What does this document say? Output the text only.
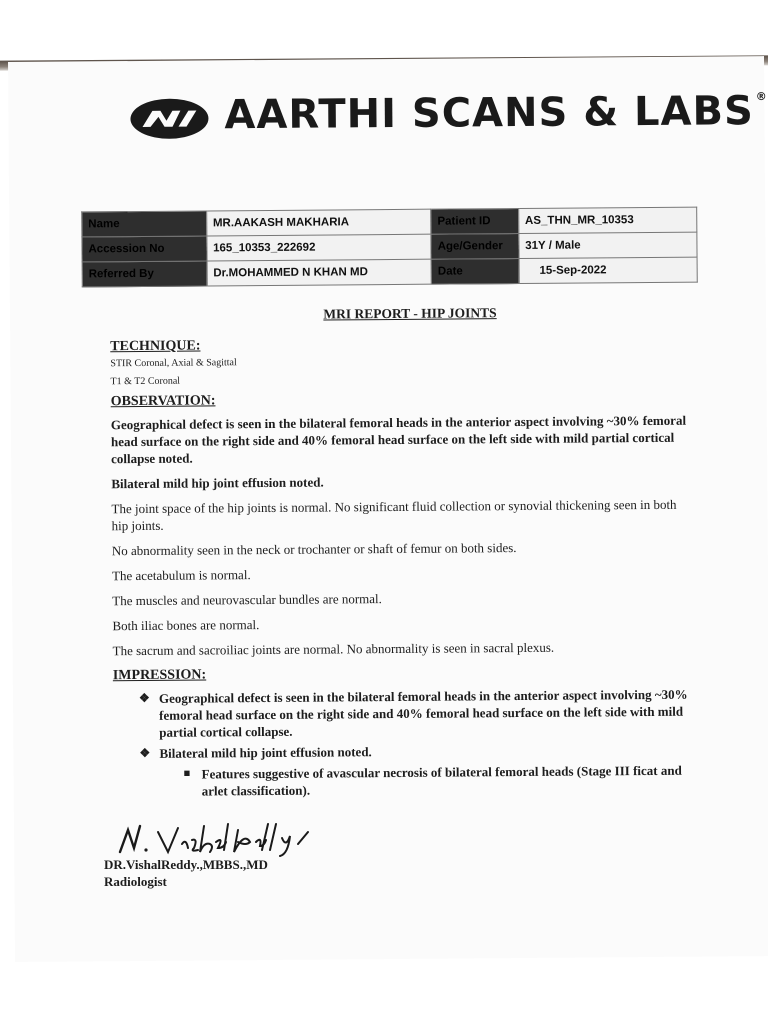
AARTHI SCANS & LABS ®
Name	MR.AAKASH MAKHARIA	Patient ID	AS_THN_MR_10353
Accession No	165_10353_222692	Age/Gender	31Y / Male
Referred By	Dr.MOHAMMED N KHAN MD	Date	15-Sep-2022
MRI REPORT - HIP JOINTS
TECHNIQUE:
STIR Coronal, Axial & Sagittal
T1 & T2 Coronal
OBSERVATION:

Geographical defect is seen in the bilateral femoral heads in the anterior aspect involving ~30% femoral head surface on the right side and 40% femoral head surface on the left side with mild partial cortical collapse noted.

Bilateral mild hip joint effusion noted.

The joint space of the hip joints is normal. No significant fluid collection or synovial thickening seen in both hip joints.

No abnormality seen in the neck or trochanter or shaft of femur on both sides.

The acetabulum is normal.

The muscles and neurovascular bundles are normal.

Both iliac bones are normal.

The sacrum and sacroiliac joints are normal. No abnormality is seen in sacral plexus.

IMPRESSION:
❖ Geographical defect is seen in the bilateral femoral heads in the anterior aspect involving ~30% femoral head surface on the right side and 40% femoral head surface on the left side with mild partial cortical collapse.
❖ Bilateral mild hip joint effusion noted.
■ Features suggestive of avascular necrosis of bilateral femoral heads (Stage III ficat and arlet classification).
DR.VishalReddy.,MBBS.,MD
Radiologist
